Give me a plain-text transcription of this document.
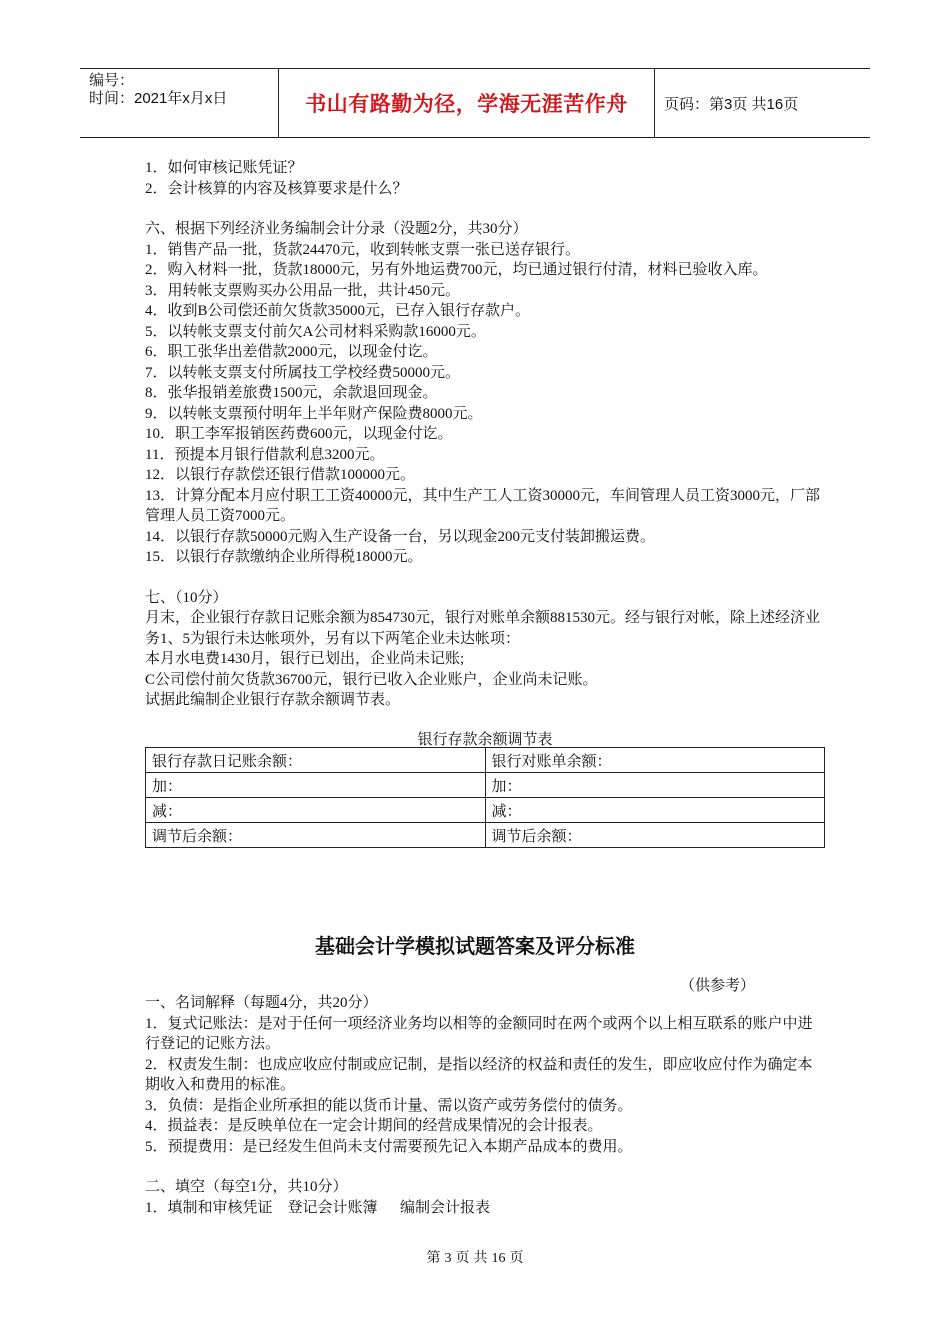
编号：
时间：2021年x月x日	书山有路勤为径，学海无涯苦作舟	页码：第3页 共16页

1．如何审核记账凭证？

2．会计核算的内容及核算要求是什么？

六、根据下列经济业务编制会计分录（没题2分，共30分）

1．销售产品一批，货款24470元，收到转帐支票一张已送存银行。

2．购入材料一批，货款18000元，另有外地运费700元，均已通过银行付清，材料已验收入库。

3．用转帐支票购买办公用品一批，共计450元。

4．收到B公司偿还前欠货款35000元，已存入银行存款户。

5．以转帐支票支付前欠A公司材料采购款16000元。

6．职工张华出差借款2000元，以现金付讫。

7．以转帐支票支付所属技工学校经费50000元。

8．张华报销差旅费1500元，余款退回现金。

9．以转帐支票预付明年上半年财产保险费8000元。

10．职工李军报销医药费600元，以现金付讫。

11．预提本月银行借款利息3200元。

12．以银行存款偿还银行借款100000元。

13．计算分配本月应付职工工资40000元，其中生产工人工资30000元，车间管理人员工资3000元，厂部管理人员工资7000元。

14．以银行存款50000元购入生产设备一台，另以现金200元支付装卸搬运费。

15．以银行存款缴纳企业所得税18000元。

七、（10分）

月末，企业银行存款日记账余额为854730元，银行对账单余额881530元。经与银行对帐，除上述经济业务1、5为银行未达帐项外，另有以下两笔企业未达帐项：

本月水电费1430月，银行已划出，企业尚未记账;

C公司偿付前欠货款36700元，银行已收入企业账户，企业尚未记账。

试据此编制企业银行存款余额调节表。

银行存款余额调节表
银行存款日记账余额：	银行对账单余额：
加：	加：
减：	减：
调节后余额：	调节后余额：
基础会计学模拟试题答案及评分标准
（供参考）

一、名词解释（每题4分，共20分）

1．复式记账法：是对于任何一项经济业务均以相等的金额同时在两个或两个以上相互联系的账户中进行登记的记账方法。

2．权责发生制：也成应收应付制或应记制，是指以经济的权益和责任的发生，即应收应付作为确定本期收入和费用的标准。

3．负债：是指企业所承担的能以货币计量、需以资产或劳务偿付的债务。

4．损益表：是反映单位在一定会计期间的经营成果情况的会计报表。

5．预提费用：是已经发生但尚未支付需要预先记入本期产品成本的费用。

二、填空（每空1分，共10分）

1．填制和审核凭证    登记会计账簿      编制会计报表

第 3 页 共 16 页
